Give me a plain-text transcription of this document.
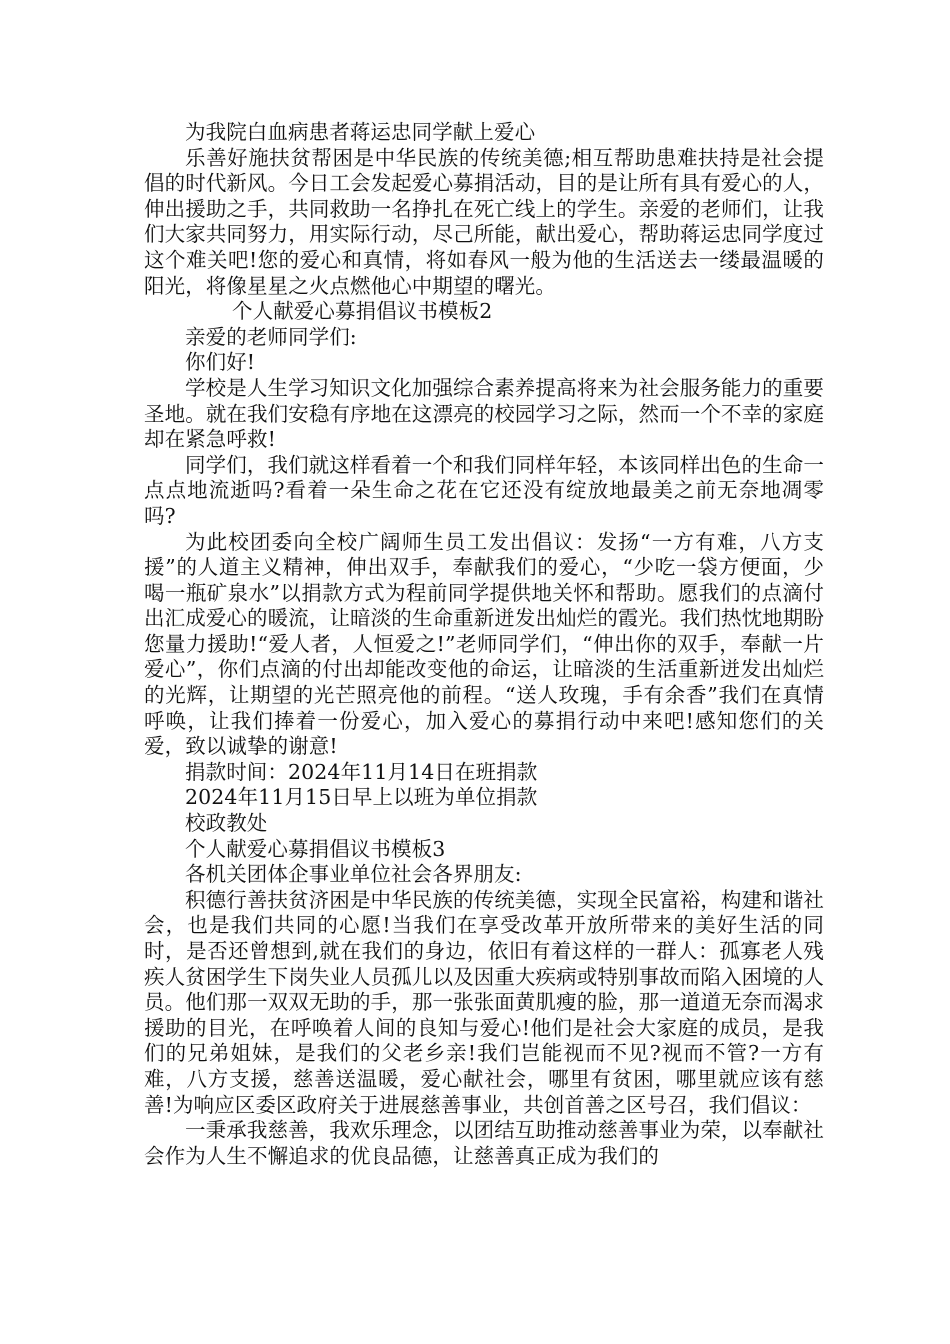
为我院白血病患者蒋运忠同学献上爱心

乐善好施扶贫帮困是中华民族的传统美德;相互帮助患难扶持是社会提倡的时代新风。今日工会发起爱心募捐活动，目的是让所有具有爱心的人，伸出援助之手，共同救助一名挣扎在死亡线上的学生。亲爱的老师们，让我们大家共同努力，用实际行动，尽己所能，献出爱心，帮助蒋运忠同学度过这个难关吧!您的爱心和真情，将如春风一般为他的生活送去一缕最温暖的阳光，将像星星之火点燃他心中期望的曙光。

个人献爱心募捐倡议书模板2

亲爱的老师同学们:

你们好!

学校是人生学习知识文化加强综合素养提高将来为社会服务能力的重要圣地。就在我们安稳有序地在这漂亮的校园学习之际，然而一个不幸的家庭却在紧急呼救!

同学们，我们就这样看着一个和我们同样年轻，本该同样出色的生命一点点地流逝吗?看着一朵生命之花在它还没有绽放地最美之前无奈地凋零吗?

为此校团委向全校广阔师生员工发出倡议：发扬“一方有难，八方支援”的人道主义精神，伸出双手，奉献我们的爱心，“少吃一袋方便面，少喝一瓶矿泉水”以捐款方式为程前同学提供地关怀和帮助。愿我们的点滴付出汇成爱心的暖流，让暗淡的生命重新迸发出灿烂的霞光。我们热忱地期盼您量力援助!“爱人者，人恒爱之!”老师同学们，“伸出你的双手，奉献一片爱心”，你们点滴的付出却能改变他的命运，让暗淡的生活重新迸发出灿烂的光辉，让期望的光芒照亮他的前程。“送人玫瑰，手有余香”我们在真情呼唤，让我们捧着一份爱心，加入爱心的募捐行动中来吧!感知您们的关爱，致以诚挚的谢意!

捐款时间：2024年11月14日在班捐款

2024年11月15日早上以班为单位捐款

校政教处

个人献爱心募捐倡议书模板3

各机关团体企事业单位社会各界朋友:

积德行善扶贫济困是中华民族的传统美德，实现全民富裕，构建和谐社会，也是我们共同的心愿!当我们在享受改革开放所带来的美好生活的同时，是否还曾想到,就在我们的身边，依旧有着这样的一群人：孤寡老人残疾人贫困学生下岗失业人员孤儿以及因重大疾病或特别事故而陷入困境的人员。他们那一双双无助的手，那一张张面黄肌瘦的脸，那一道道无奈而渴求援助的目光，在呼唤着人间的良知与爱心!他们是社会大家庭的成员，是我们的兄弟姐妹，是我们的父老乡亲!我们岂能视而不见?视而不管?一方有难，八方支援，慈善送温暖，爱心献社会，哪里有贫困，哪里就应该有慈善!为响应区委区政府关于进展慈善事业，共创首善之区号召，我们倡议：

一秉承我慈善，我欢乐理念，以团结互助推动慈善事业为荣，以奉献社会作为人生不懈追求的优良品德，让慈善真正成为我们的
